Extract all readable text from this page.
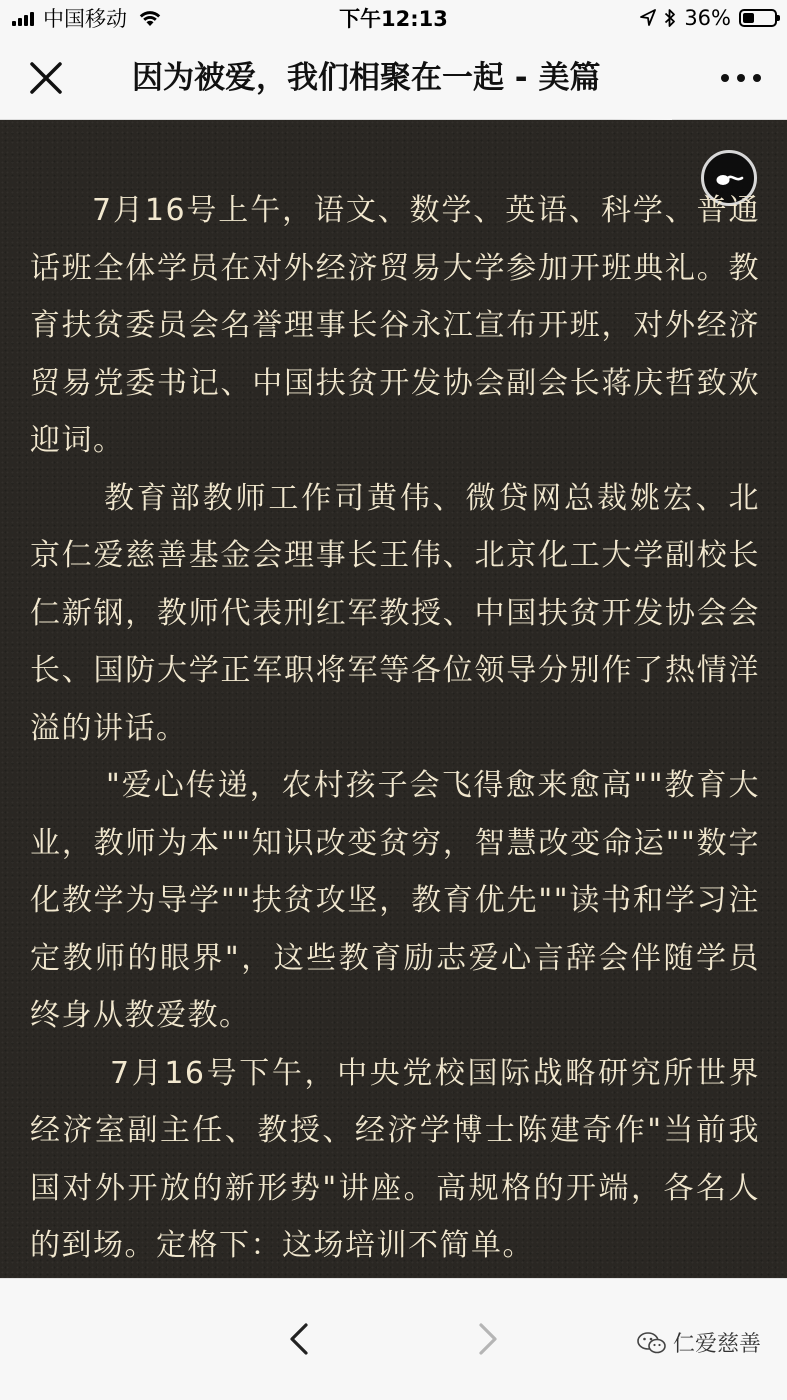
中国移动	下午12:13	36%
因为被爱，我们相聚在一起 - 美篇

7月16号上午，语文、数学、英语、科学、普通话班全体学员在对外经济贸易大学参加开班典礼。教育扶贫委员会名誉理事长谷永江宣布开班，对外经济贸易党委书记、中国扶贫开发协会副会长蒋庆哲致欢迎词。

教育部教师工作司黄伟、微贷网总裁姚宏、北京仁爱慈善基金会理事长王伟、北京化工大学副校长仁新钢，教师代表刑红军教授、中国扶贫开发协会会长、国防大学正军职将军等各位领导分别作了热情洋溢的讲话。

"爱心传递，农村孩子会飞得愈来愈高""教育大业，教师为本""知识改变贫穷，智慧改变命运""数字化教学为导学""扶贫攻坚，教育优先""读书和学习注定教师的眼界"，这些教育励志爱心言辞会伴随学员终身从教爱教。

7月16号下午，中央党校国际战略研究所世界经济室副主任、教授、经济学博士陈建奇作"当前我国对外开放的新形势"讲座。高规格的开端，各名人的到场。定格下：这场培训不简单。

仁爱慈善
